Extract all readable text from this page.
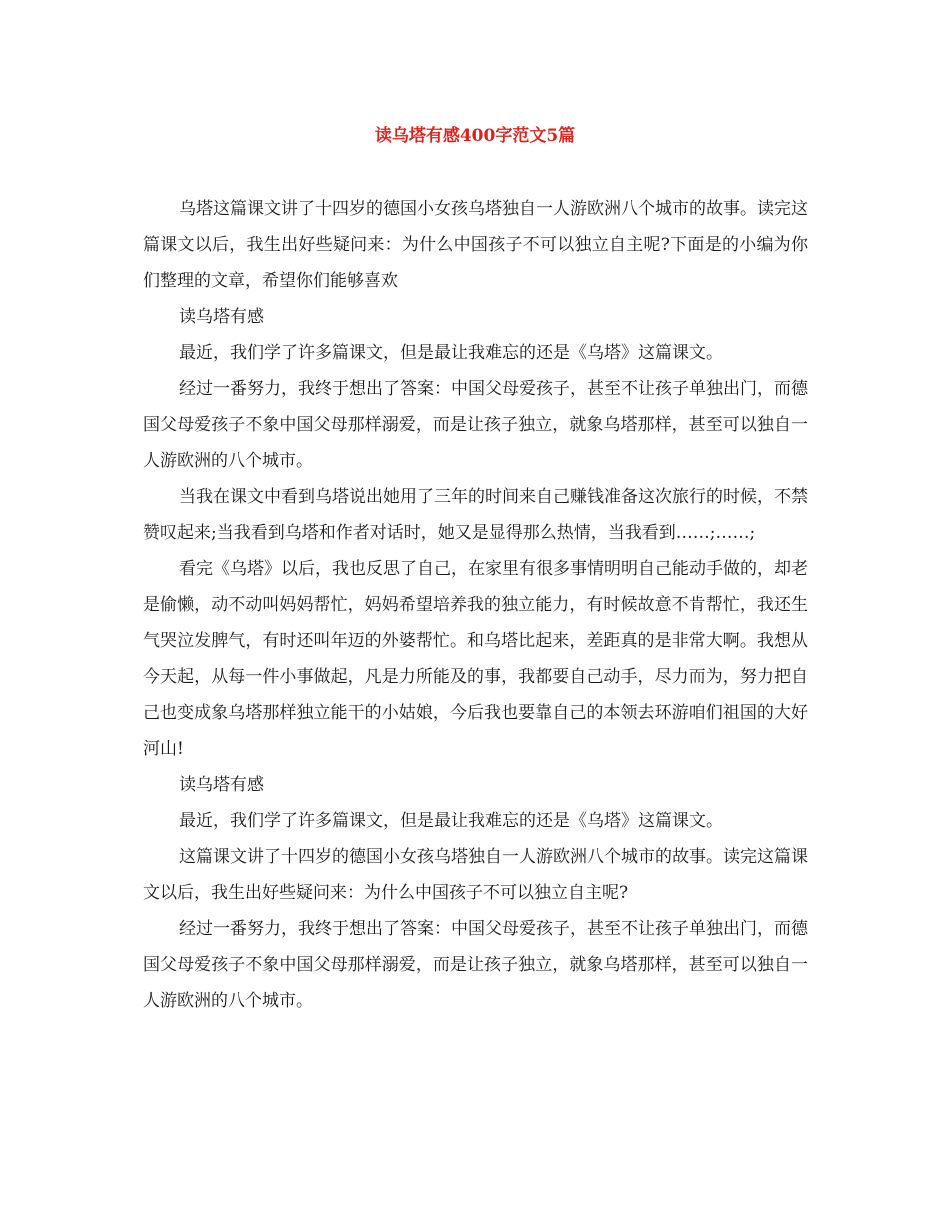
读乌塔有感400字范文5篇

乌塔这篇课文讲了十四岁的德国小女孩乌塔独自一人游欧洲八个城市的故事。读完这篇课文以后，我生出好些疑问来：为什么中国孩子不可以独立自主呢?下面是的小编为你们整理的文章，希望你们能够喜欢

读乌塔有感

最近，我们学了许多篇课文，但是最让我难忘的还是《乌塔》这篇课文。

经过一番努力，我终于想出了答案：中国父母爱孩子，甚至不让孩子单独出门，而德国父母爱孩子不象中国父母那样溺爱，而是让孩子独立，就象乌塔那样，甚至可以独自一人游欧洲的八个城市。

当我在课文中看到乌塔说出她用了三年的时间来自己赚钱准备这次旅行的时候，不禁赞叹起来;当我看到乌塔和作者对话时，她又是显得那么热情，当我看到……;……;

看完《乌塔》以后，我也反思了自己，在家里有很多事情明明自己能动手做的，却老是偷懒，动不动叫妈妈帮忙，妈妈希望培养我的独立能力，有时候故意不肯帮忙，我还生气哭泣发脾气，有时还叫年迈的外婆帮忙。和乌塔比起来，差距真的是非常大啊。我想从今天起，从每一件小事做起，凡是力所能及的事，我都要自己动手，尽力而为，努力把自己也变成象乌塔那样独立能干的小姑娘，今后我也要靠自己的本领去环游咱们祖国的大好河山!

读乌塔有感

最近，我们学了许多篇课文，但是最让我难忘的还是《乌塔》这篇课文。

这篇课文讲了十四岁的德国小女孩乌塔独自一人游欧洲八个城市的故事。读完这篇课文以后，我生出好些疑问来：为什么中国孩子不可以独立自主呢?

经过一番努力，我终于想出了答案：中国父母爱孩子，甚至不让孩子单独出门，而德国父母爱孩子不象中国父母那样溺爱，而是让孩子独立，就象乌塔那样，甚至可以独自一人游欧洲的八个城市。
